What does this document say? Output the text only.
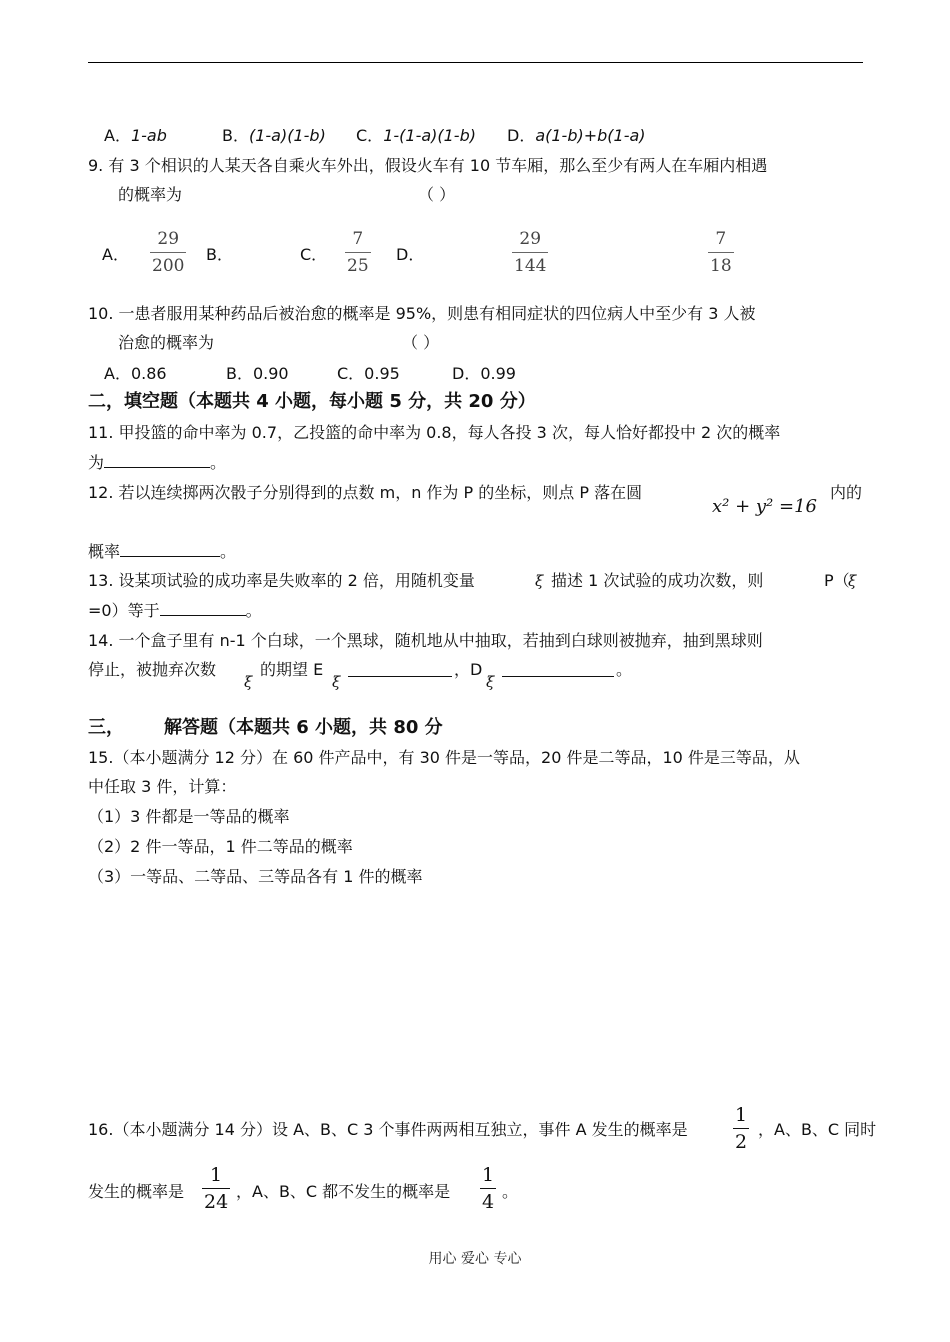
A．1-ab	B．(1-a)(1-b) C．1-(1-a)(1-b) D．a(1-b)+b(1-a)
9. 有 3 个相识的人某天各自乘火车外出，假设火车有 10 节车厢，那么至少有两人在车厢内相遇
的概率为	（ ）
A．
29
200
B．	C．
7
25
D．
29
144
7
18
10. 一患者服用某种药品后被治愈的概率是 95%，则患有相同症状的四位病人中至少有 3 人被
治愈的概率为	（ ）
A．0.86	B．0.90	C．0.95	D．0.99
二，填空题（本题共 4 小题，每小题 5 分，共 20 分）
11. 甲投篮的命中率为 0.7，乙投篮的命中率为 0.8，每人各投 3 次，每人恰好都投中 2 次的概率
为	。
12. 若以连续掷两次骰子分别得到的点数 m，n 作为 P 的坐标，则点 P 落在圆
x² + y² =16
内的
概率	。
13. 设某项试验的成功率是失败率的 2 倍，用随机变量	ξ 描述 1 次试验的成功次数，则	P（
ξ
=0）等于	。
14. 一个盒子里有 n-1 个白球，一个黑球，随机地从中抽取，若抽到白球则被抛弃，抽到黑球则
停止，被抛弃次数
ξ
的期望 E
ξ
，D
ξ
。
三， 解答题（本题共 6 小题，共 80 分
15.（本小题满分 12 分）在 60 件产品中，有 30 件是一等品，20 件是二等品，10 件是三等品，从
中任取 3 件，计算：
（1）3 件都是一等品的概率
（2）2 件一等品，1 件二等品的概率
（3）一等品、二等品、三等品各有 1 件的概率
16.（本小题满分 14 分）设 A、B、C 3 个事件两两相互独立，事件 A 发生的概率是
1
2
，A、B、C 同时
发生的概率是
1
24 ，A、B、C 都不发生的概率是
1
4 。
用心 爱心 专心
